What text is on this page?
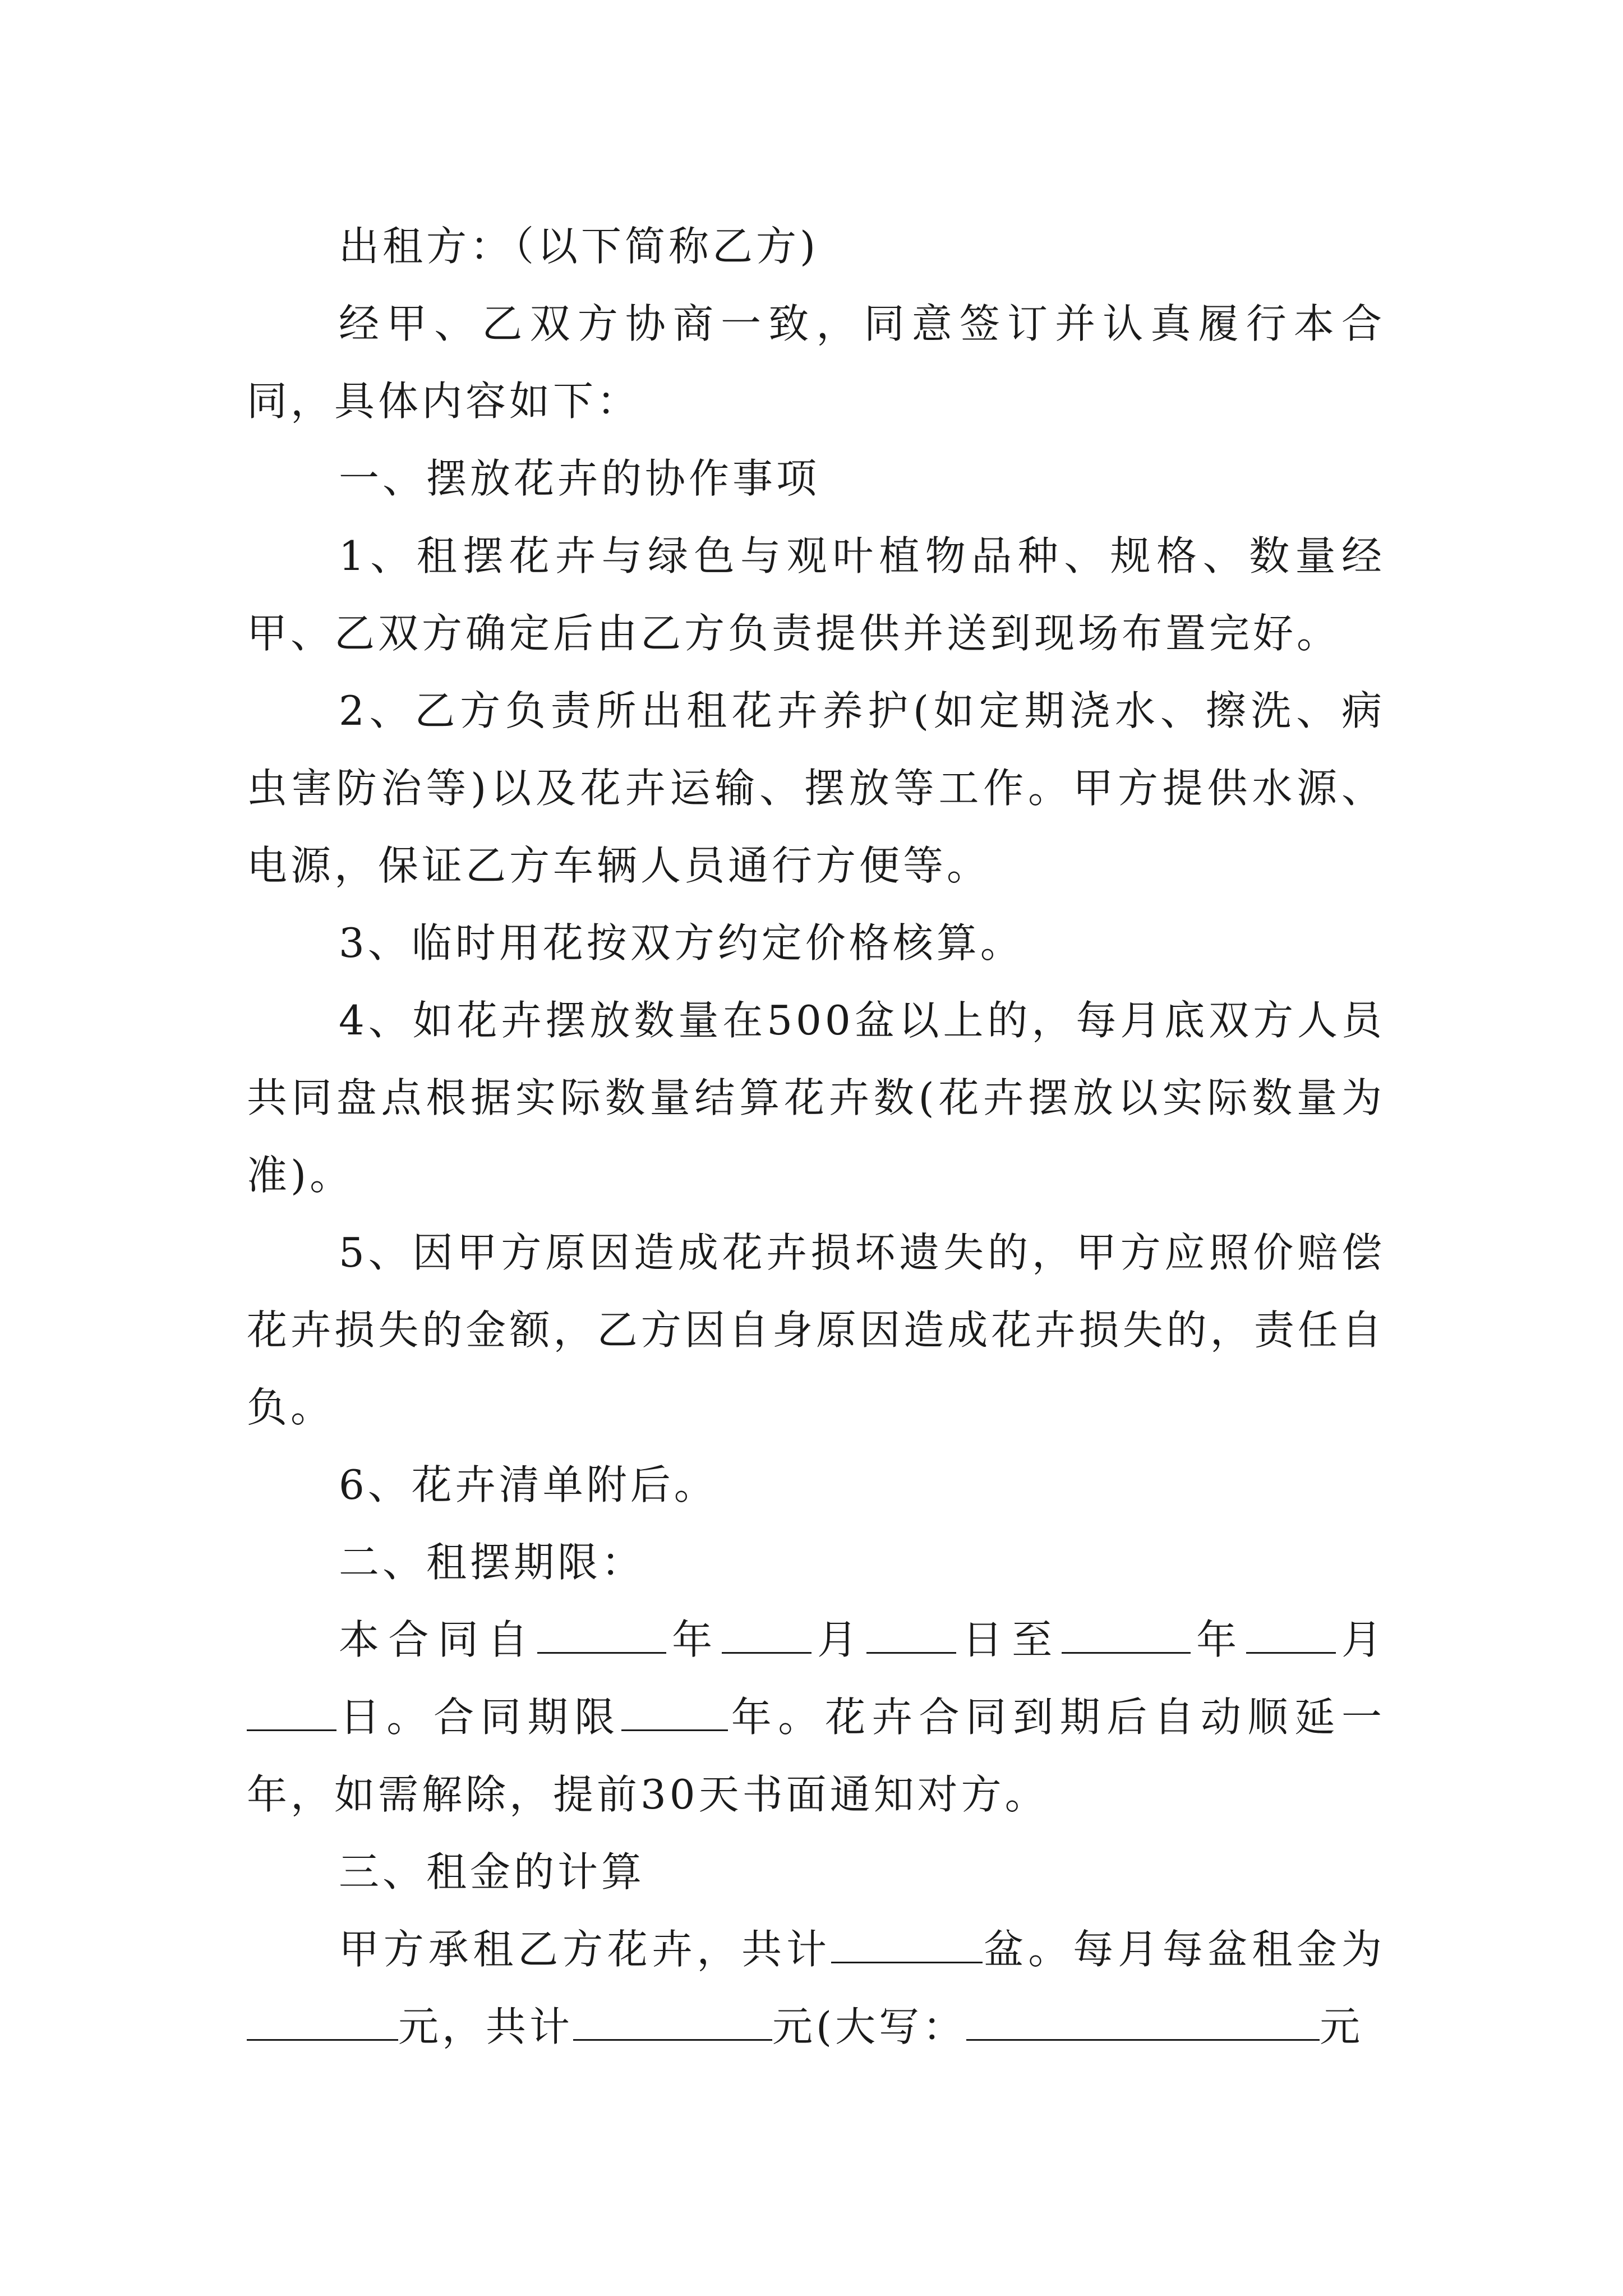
出租方：（以下简称乙方)

经甲、乙双方协商一致，同意签订并认真履行本合同，具体内容如下：

一、摆放花卉的协作事项

1、租摆花卉与绿色与观叶植物品种、规格、数量经甲、乙双方确定后由乙方负责提供并送到现场布置完好。

2、乙方负责所出租花卉养护(如定期浇水、擦洗、病虫害防治等)以及花卉运输、摆放等工作。甲方提供水源、电源，保证乙方车辆人员通行方便等。

3、临时用花按双方约定价格核算。

4、如花卉摆放数量在500盆以上的，每月底双方人员共同盘点根据实际数量结算花卉数(花卉摆放以实际数量为准)。

5、因甲方原因造成花卉损坏遗失的，甲方应照价赔偿花卉损失的金额，乙方因自身原因造成花卉损失的，责任自负。

6、花卉清单附后。

二、租摆期限：

本合同自	年 月 日至	年 月日。合同期限	年。花卉合同到期后自动顺延一年，如需解除，提前30天书面通知对方。

三、租金的计算

甲方承租乙方花卉，共计	盆。每月每盆租金为元，共计	元(大写：	元
